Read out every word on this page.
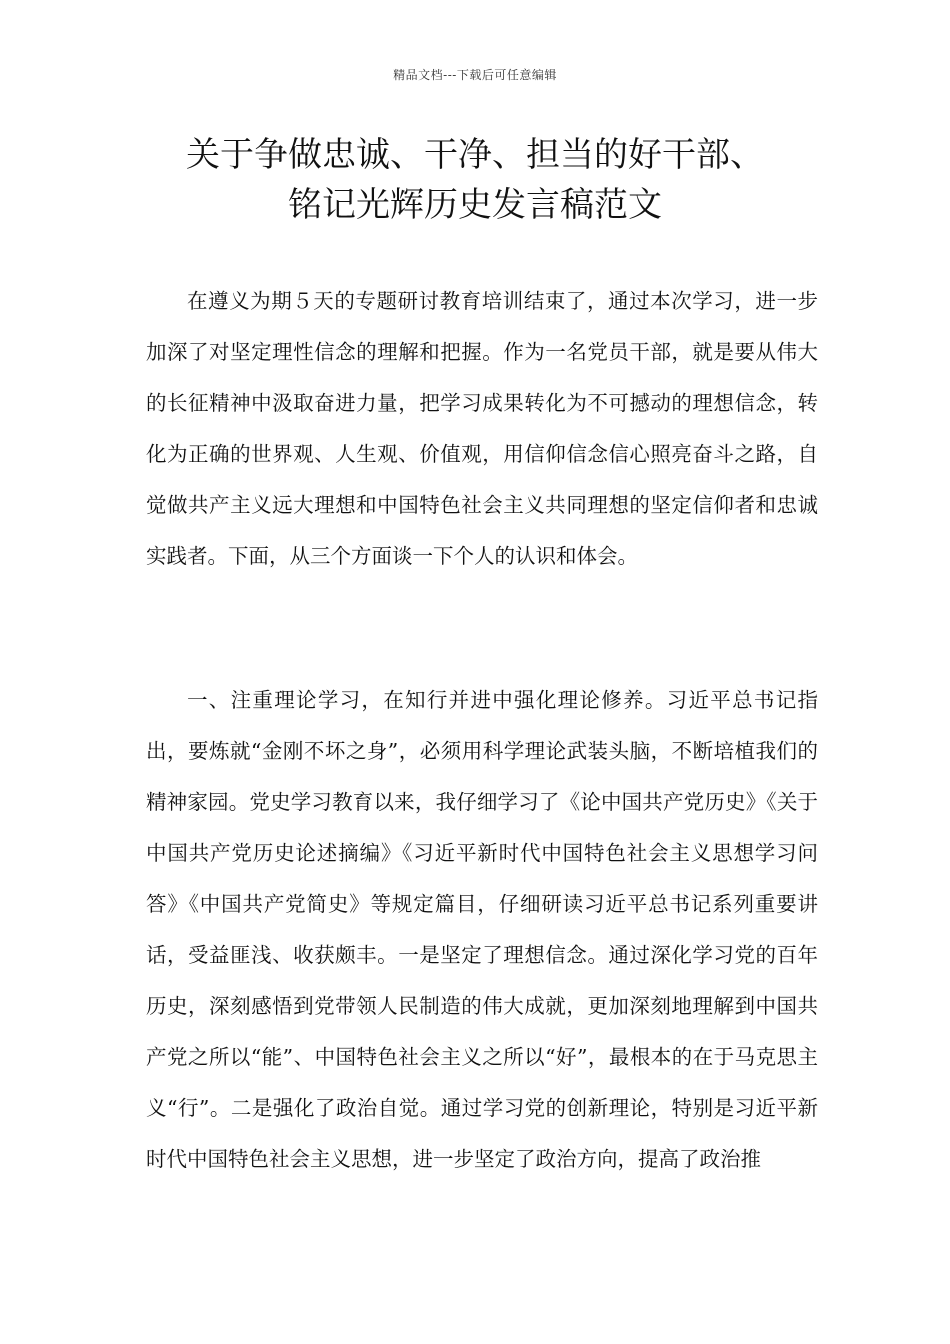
精品文档---下载后可任意编辑
关于争做忠诚、干净、担当的好干部、
铭记光辉历史发言稿范文

在遵义为期５天的专题研讨教育培训结束了，通过本次学习，进一步加深了对坚定理性信念的理解和把握。作为一名党员干部，就是要从伟大的长征精神中汲取奋进力量，把学习成果转化为不可撼动的理想信念，转化为正确的世界观、人生观、价值观，用信仰信念信心照亮奋斗之路，自觉做共产主义远大理想和中国特色社会主义共同理想的坚定信仰者和忠诚实践者。下面，从三个方面谈一下个人的认识和体会。

一、注重理论学习，在知行并进中强化理论修养。习近平总书记指出，要炼就“金刚不坏之身”，必须用科学理论武装头脑，不断培植我们的精神家园。党史学习教育以来，我仔细学习了《论中国共产党历史》《关于中国共产党历史论述摘编》《习近平新时代中国特色社会主义思想学习问答》《中国共产党简史》等规定篇目，仔细研读习近平总书记系列重要讲话，受益匪浅、收获颇丰。一是坚定了理想信念。通过深化学习党的百年历史，深刻感悟到党带领人民制造的伟大成就，更加深刻地理解到中国共产党之所以“能”、中国特色社会主义之所以“好”，最根本的在于马克思主义“行”。二是强化了政治自觉。通过学习党的创新理论，特别是习近平新时代中国特色社会主义思想，进一步坚定了政治方向，提高了政治推
